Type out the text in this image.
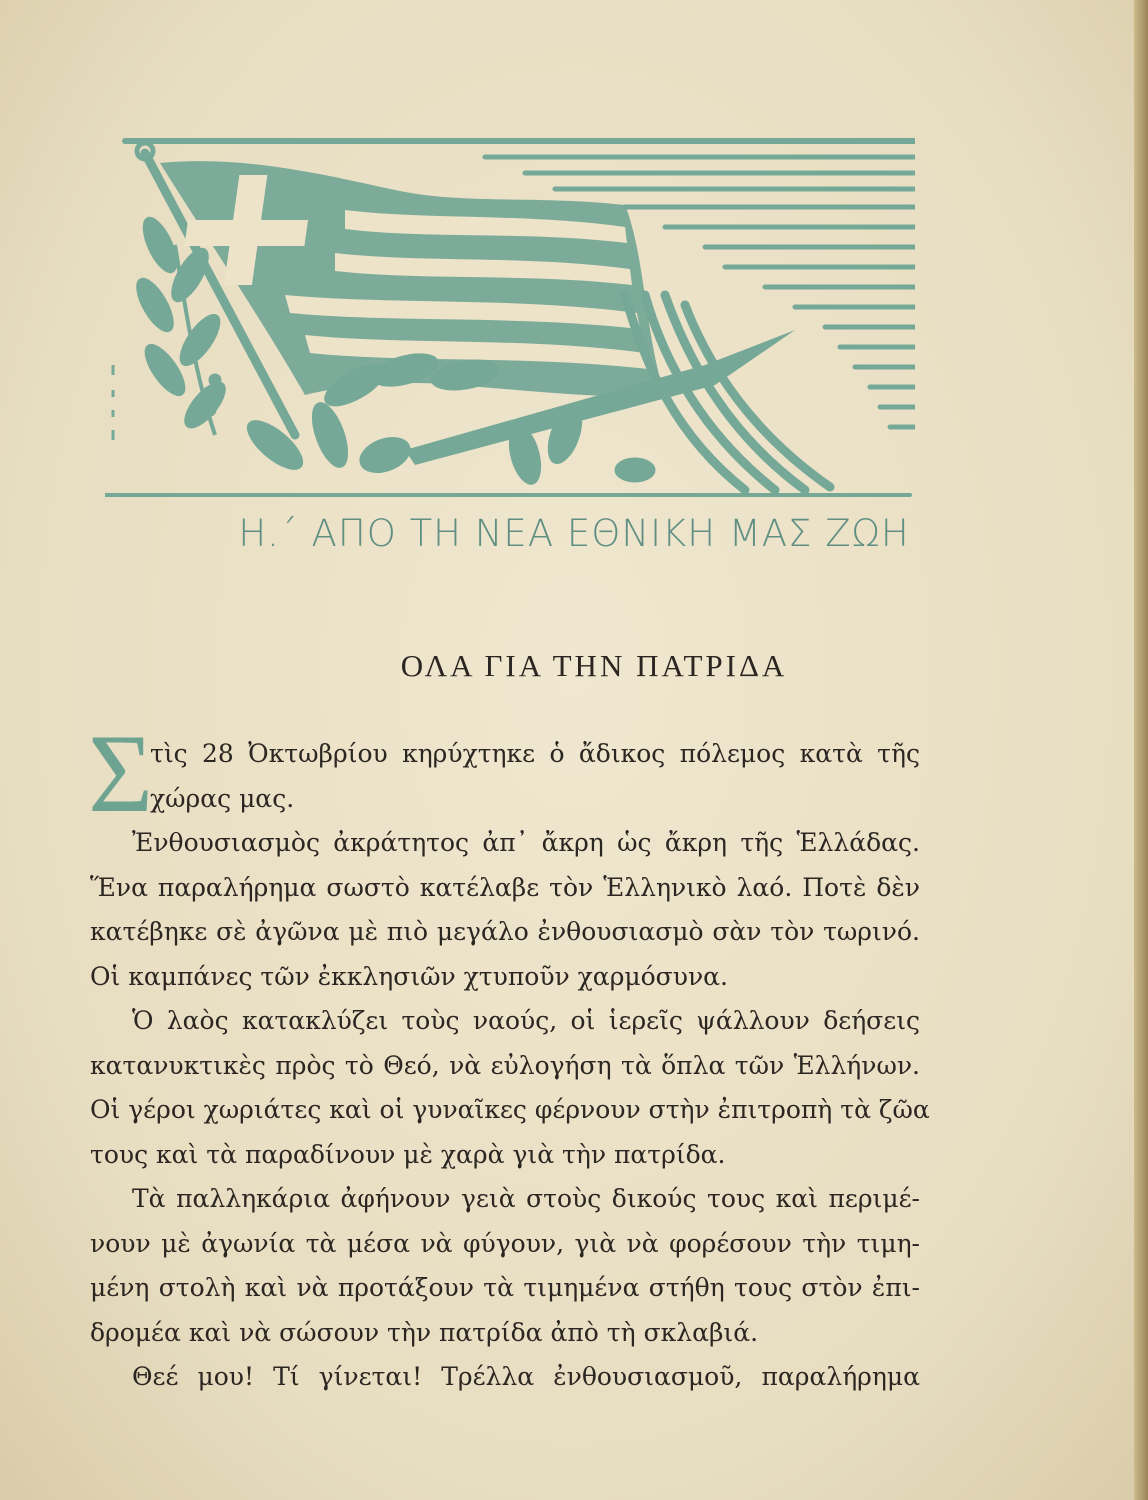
Η.΄ ΑΠΟ ΤΗ ΝΕΑ ΕΘΝΙΚΗ ΜΑΣ ΖΩΗ
ΟΛΑ ΓΙΑ ΤΗΝ ΠΑΤΡΙΔΑ
Σ
τὶς 28 Ὀκτωβρίου κηρύχτηκε ὁ ἄδικος πόλεμος κατὰ τῆς
χώρας μας.
Ἐνθουσιασμὸς ἀκράτητος ἀπ᾿ ἄκρη ὡς ἄκρη τῆς Ἑλλάδας.
Ἕνα παραλήρημα σωστὸ κατέλαβε τὸν Ἑλληνικὸ λαό. Ποτὲ δὲν
κατέβηκε σὲ ἀγῶνα μὲ πιὸ μεγάλο ἐνθουσιασμὸ σὰν τὸν τωρινό.
Οἱ καμπάνες τῶν ἐκκλησιῶν χτυποῦν χαρμόσυνα.
Ὁ λαὸς κατακλύζει τοὺς ναούς, οἱ ἱερεῖς ψάλλουν δεήσεις
κατανυκτικὲς πρὸς τὸ Θεό, νὰ εὐλογήση τὰ ὅπλα τῶν Ἑλλήνων.
Οἱ γέροι χωριάτες καὶ οἱ γυναῖκες φέρνουν στὴν ἐπιτροπὴ τὰ ζῶα
τους καὶ τὰ παραδίνουν μὲ χαρὰ γιὰ τὴν πατρίδα.
Τὰ παλληκάρια ἀφήνουν γειὰ στοὺς δικούς τους καὶ περιμέ-
νουν μὲ ἀγωνία τὰ μέσα νὰ φύγουν, γιὰ νὰ φορέσουν τὴν τιμη-
μένη στολὴ καὶ νὰ προτάξουν τὰ τιμημένα στήθη τους στὸν ἐπι-
δρομέα καὶ νὰ σώσουν τὴν πατρίδα ἀπὸ τὴ σκλαβιά.
Θεέ μου! Τί γίνεται! Τρέλλα ἐνθουσιασμοῦ, παραλήρημα
